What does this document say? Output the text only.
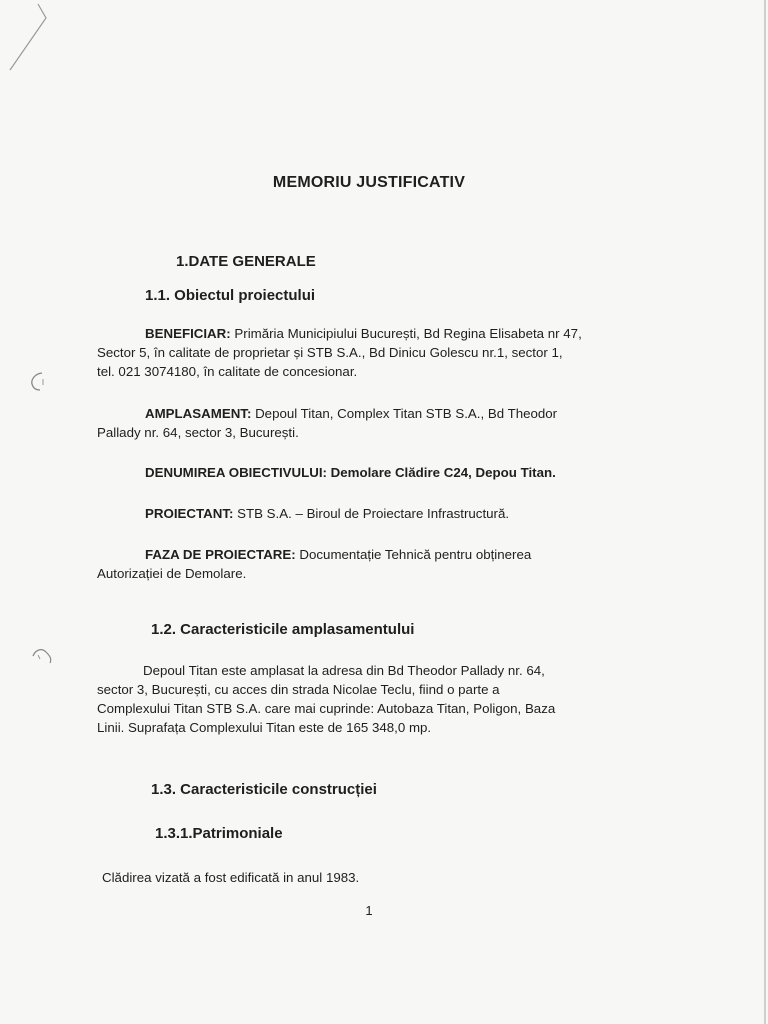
MEMORIU JUSTIFICATIV
1.DATE GENERALE
1.1. Obiectul proiectului
BENEFICIAR: Primăria Municipiului București, Bd Regina Elisabeta nr 47,
Sector 5, în calitate de proprietar și STB S.A., Bd Dinicu Golescu nr.1, sector 1,
tel. 021 3074180, în calitate de concesionar.
AMPLASAMENT: Depoul Titan, Complex Titan STB S.A., Bd Theodor
Pallady nr. 64, sector 3, București.
DENUMIREA OBIECTIVULUI: Demolare Clădire C24, Depou Titan.
PROIECTANT: STB S.A. – Biroul de Proiectare Infrastructură.
FAZA DE PROIECTARE: Documentație Tehnică pentru obținerea
Autorizației de Demolare.
1.2. Caracteristicile amplasamentului
Depoul Titan este amplasat la adresa din Bd Theodor Pallady nr. 64,
sector 3, București, cu acces din strada Nicolae Teclu, fiind o parte a
Complexului Titan STB S.A. care mai cuprinde: Autobaza Titan, Poligon, Baza
Linii. Suprafața Complexului Titan este de 165 348,0 mp.
1.3. Caracteristicile construcției
1.3.1.Patrimoniale
Clădirea vizată a fost edificată in anul 1983.
1
